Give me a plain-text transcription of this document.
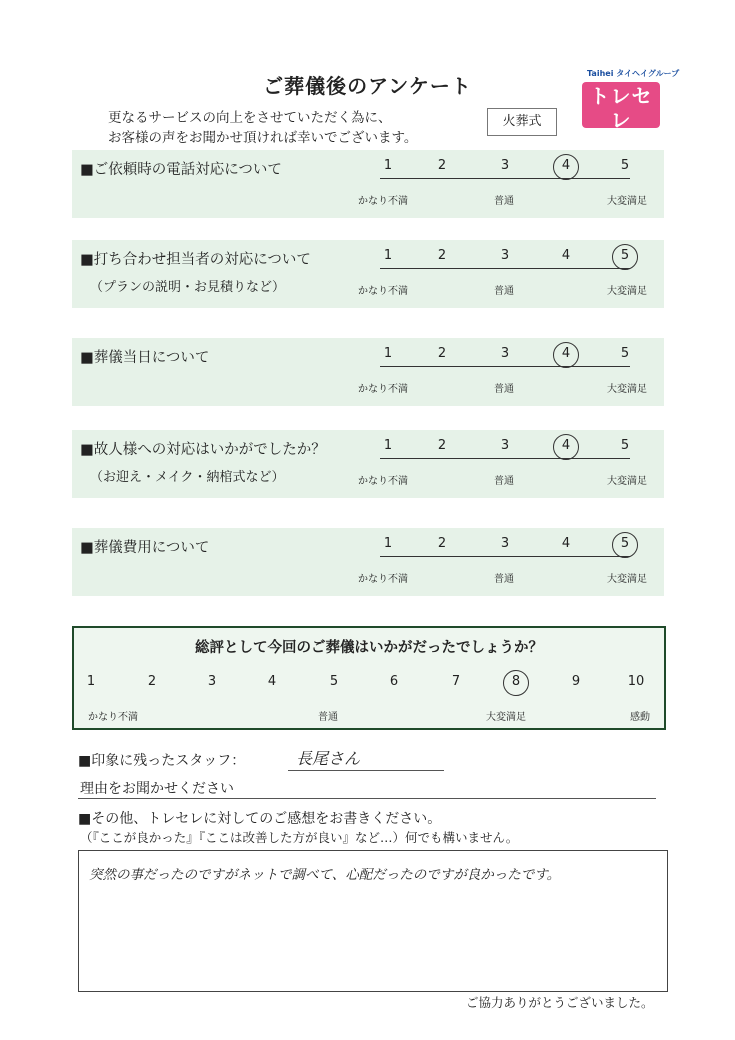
ご葬儀後のアンケート
更なるサービスの向上をさせていただく為に、
お客様の声をお聞かせ頂ければ幸いでございます。
火葬式
Taihei タイヘイグループ
トレセレ
安心葬儀
■ご依頼時の電話対応について	1	2	3	4	5
かなり不満	普通	大変満足
■打ち合わせ担当者の対応について
（プランの説明・お見積りなど）
1	2	3	4	5
かなり不満	普通	大変満足
■葬儀当日について	1	2	3	4	5
かなり不満	普通	大変満足
■故人様への対応はいかがでしたか？
（お迎え・メイク・納棺式など）
1	2	3	4	5
かなり不満	普通	大変満足
■葬儀費用について	1	2	3	4	5
かなり不満	普通	大変満足
総評として今回のご葬儀はいかがだったでしょうか？
1	2	3	4	5	6	7	8	9	10
かなり不満	普通	大変満足	感動
■印象に残ったスタッフ：	長尾さん
理由をお聞かせください
■その他、トレセレに対してのご感想をお書きください。
（『ここが良かった』『ここは改善した方が良い』など…）何でも構いません。
突然の事だったのですがネットで調べて、心配だったのですが良かったです。
ご協力ありがとうございました。
